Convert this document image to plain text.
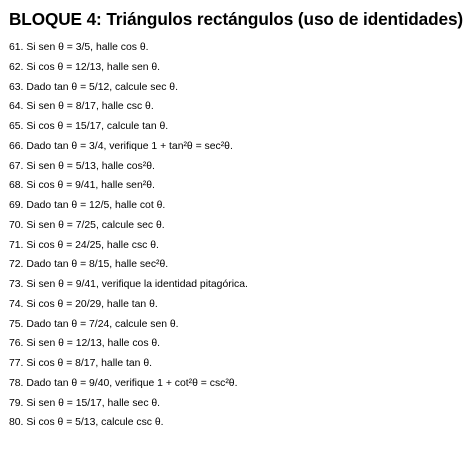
BLOQUE 4: Triángulos rectángulos (uso de identidades)
61. Si sen θ = 3/5, halle cos θ.
62. Si cos θ = 12/13, halle sen θ.
63. Dado tan θ = 5/12, calcule sec θ.
64. Si sen θ = 8/17, halle csc θ.
65. Si cos θ = 15/17, calcule tan θ.
66. Dado tan θ = 3/4, verifique 1 + tan²θ = sec²θ.
67. Si sen θ = 5/13, halle cos²θ.
68. Si cos θ = 9/41, halle sen²θ.
69. Dado tan θ = 12/5, halle cot θ.
70. Si sen θ = 7/25, calcule sec θ.
71. Si cos θ = 24/25, halle csc θ.
72. Dado tan θ = 8/15, halle sec²θ.
73. Si sen θ = 9/41, verifique la identidad pitagórica.
74. Si cos θ = 20/29, halle tan θ.
75. Dado tan θ = 7/24, calcule sen θ.
76. Si sen θ = 12/13, halle cos θ.
77. Si cos θ = 8/17, halle tan θ.
78. Dado tan θ = 9/40, verifique 1 + cot²θ = csc²θ.
79. Si sen θ = 15/17, halle sec θ.
80. Si cos θ = 5/13, calcule csc θ.
